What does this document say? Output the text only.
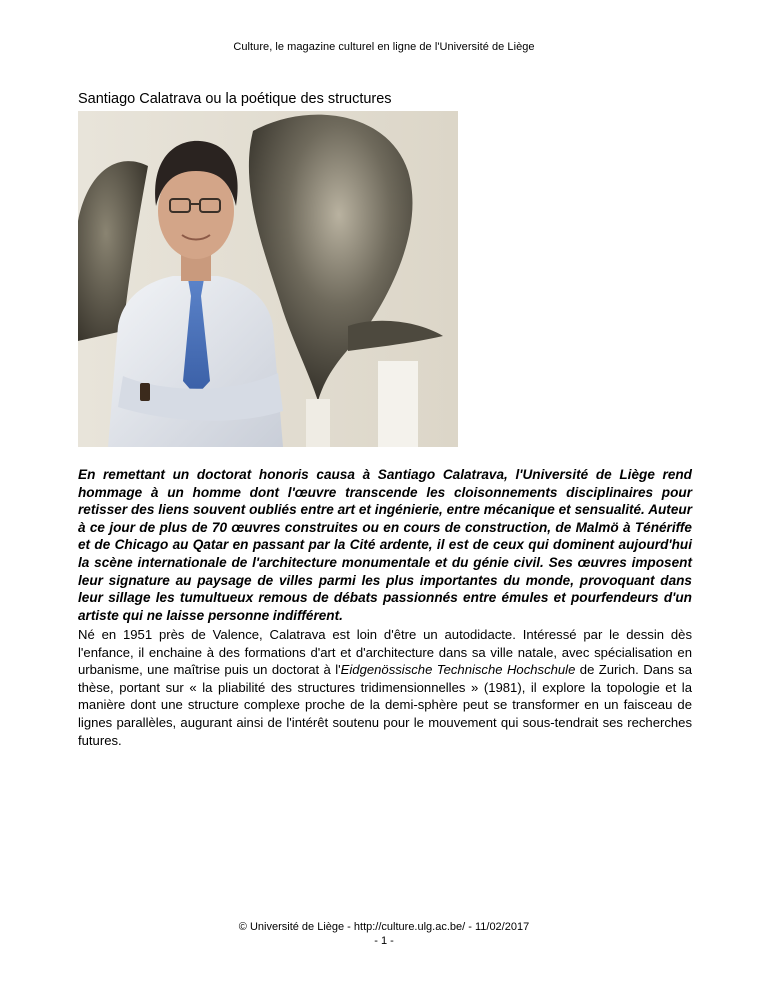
Culture, le magazine culturel en ligne de l'Université de Liège
Santiago Calatrava ou la poétique des structures

En remettant un doctorat honoris causa à Santiago Calatrava, l'Université de Liège rend hommage à un homme dont l'œuvre transcende les cloisonnements disciplinaires pour retisser des liens souvent oubliés entre art et ingénierie, entre mécanique et sensualité. Auteur à ce jour de plus de 70 œuvres construites ou en cours de construction, de Malmö à Ténériffe et de Chicago au Qatar en passant par la Cité ardente, il est de ceux qui dominent aujourd'hui la scène internationale de l'architecture monumentale et du génie civil. Ses œuvres imposent leur signature au paysage de villes parmi les plus importantes du monde, provoquant dans leur sillage les tumultueux remous de débats passionnés entre émules et pourfendeurs d'un artiste qui ne laisse personne indifférent.

Né en 1951 près de Valence, Calatrava est loin d'être un autodidacte. Intéressé par le dessin dès l'enfance, il enchaine à des formations d'art et d'architecture dans sa ville natale, avec spécialisation en urbanisme, une maîtrise puis un doctorat à l'Eidgenössische Technische Hochschule de Zurich. Dans sa thèse, portant sur « la pliabilité des structures tridimensionnelles » (1981), il explore la topologie et la manière dont une structure complexe proche de la demi-sphère peut se transformer en un faisceau de lignes parallèles, augurant ainsi de l'intérêt soutenu pour le mouvement qui sous-tendrait ses recherches futures.

© Université de Liège - http://culture.ulg.ac.be/ - 11/02/2017
- 1 -
